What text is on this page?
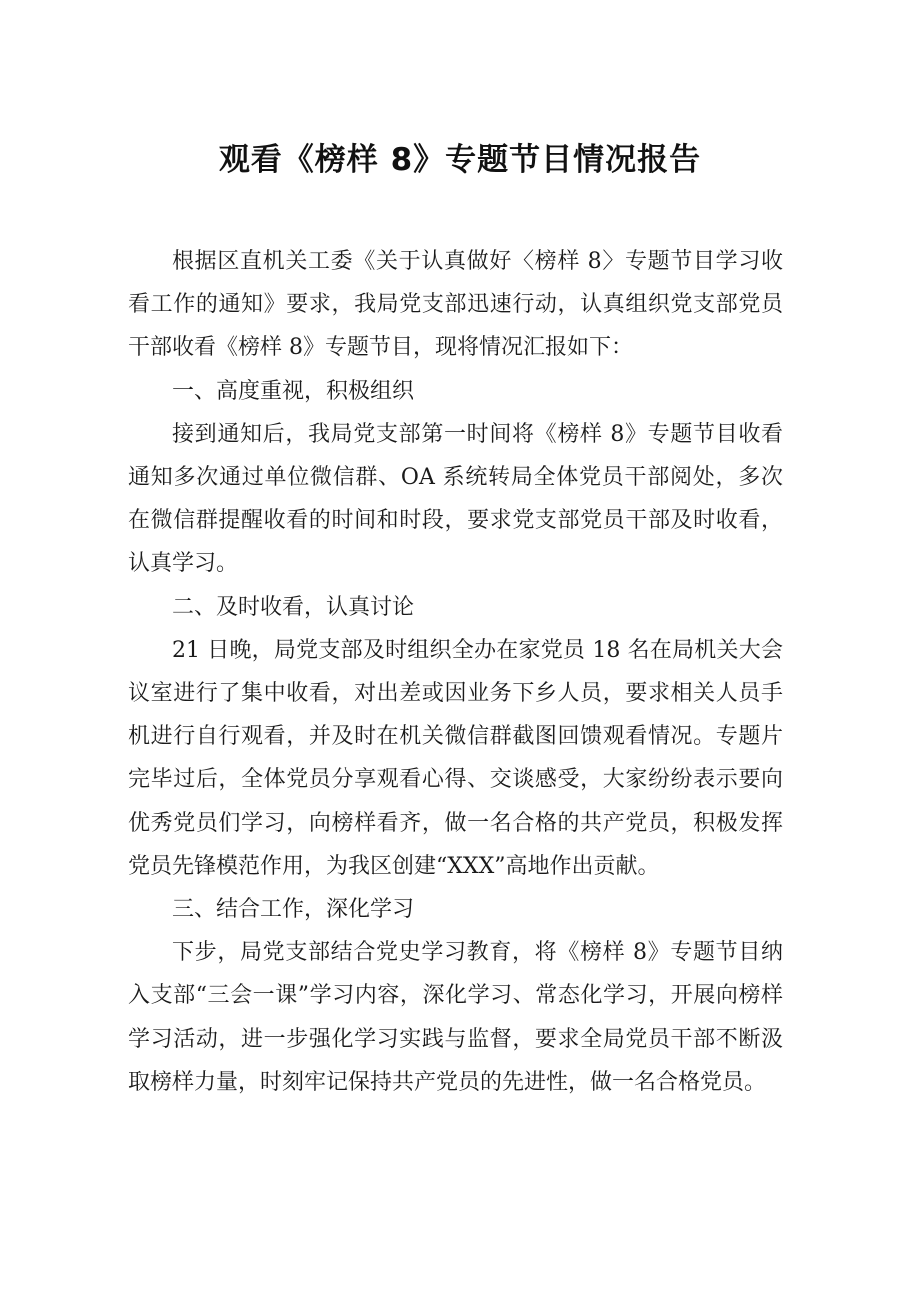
观看《榜样 8》专题节目情况报告

根据区直机关工委《关于认真做好〈榜样 8〉专题节目学习收看工作的通知》要求，我局党支部迅速行动，认真组织党支部党员干部收看《榜样 8》专题节目，现将情况汇报如下：

一、高度重视，积极组织

接到通知后，我局党支部第一时间将《榜样 8》专题节目收看通知多次通过单位微信群、OA 系统转局全体党员干部阅处，多次在微信群提醒收看的时间和时段，要求党支部党员干部及时收看，认真学习。

二、及时收看，认真讨论

21 日晚，局党支部及时组织全办在家党员 18 名在局机关大会议室进行了集中收看，对出差或因业务下乡人员，要求相关人员手机进行自行观看，并及时在机关微信群截图回馈观看情况。专题片完毕过后，全体党员分享观看心得、交谈感受，大家纷纷表示要向优秀党员们学习，向榜样看齐，做一名合格的共产党员，积极发挥党员先锋模范作用，为我区创建“XXX”高地作出贡献。

三、结合工作，深化学习

下步，局党支部结合党史学习教育，将《榜样 8》专题节目纳入支部“三会一课”学习内容，深化学习、常态化学习，开展向榜样学习活动，进一步强化学习实践与监督，要求全局党员干部不断汲取榜样力量，时刻牢记保持共产党员的先进性，做一名合格党员。
